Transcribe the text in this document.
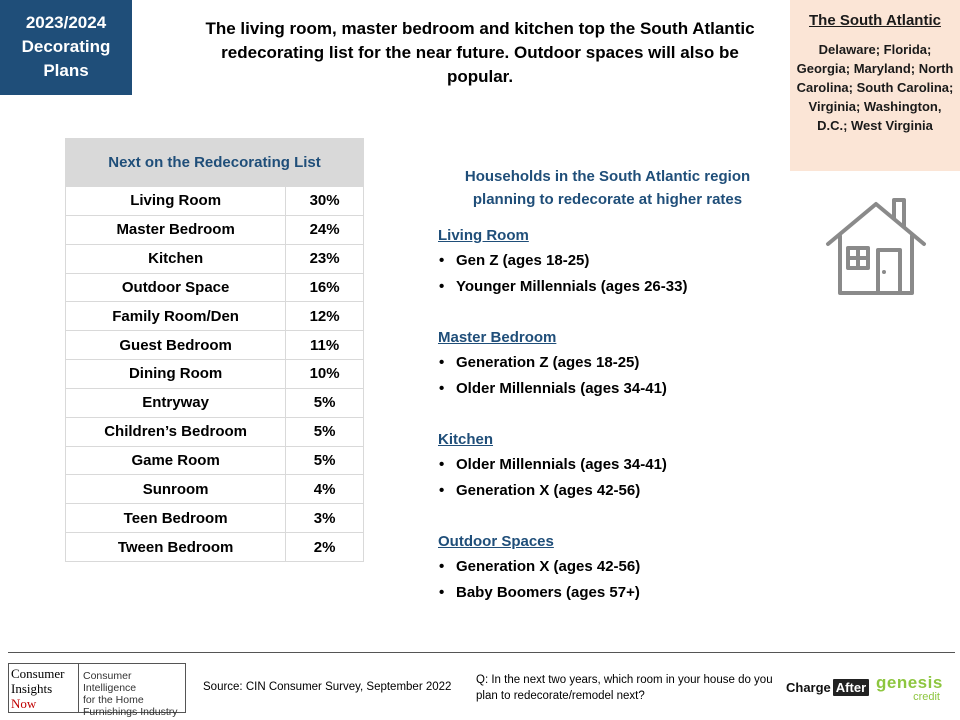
2023/2024
Decorating
Plans
The living room, master bedroom and kitchen top the South Atlantic redecorating list for the near future. Outdoor spaces will also be popular.
The South Atlantic
Delaware; Florida; Georgia; Maryland; North Carolina; South Carolina; Virginia; Washington, D.C.; West Virginia
Next on the Redecorating List	
Living Room	30%
Master Bedroom	24%
Kitchen	23%
Outdoor Space	16%
Family Room/Den	12%
Guest Bedroom	11%
Dining Room	10%
Entryway	5%
Children’s Bedroom	5%
Game Room	5%
Sunroom	4%
Teen Bedroom	3%
Tween Bedroom	2%
Households in the South Atlantic region planning to redecorate at higher rates
Living Room
• Gen Z (ages 18-25)
• Younger Millennials (ages 26-33)
Master Bedroom
• Generation Z (ages 18-25)
• Older Millennials (ages 34-41)
Kitchen
• Older Millennials (ages 34-41)
• Generation X (ages 42-56)
Outdoor Spaces
• Generation X (ages 42-56)
• Baby Boomers (ages 57+)
Consumer
Insights
Now
Consumer Intelligence
for the Home
Furnishings Industry
Source: CIN Consumer Survey, September 2022
Q: In the next two years, which room in your house do you plan to redecorate/remodel next?
Charge After genesis
credit
